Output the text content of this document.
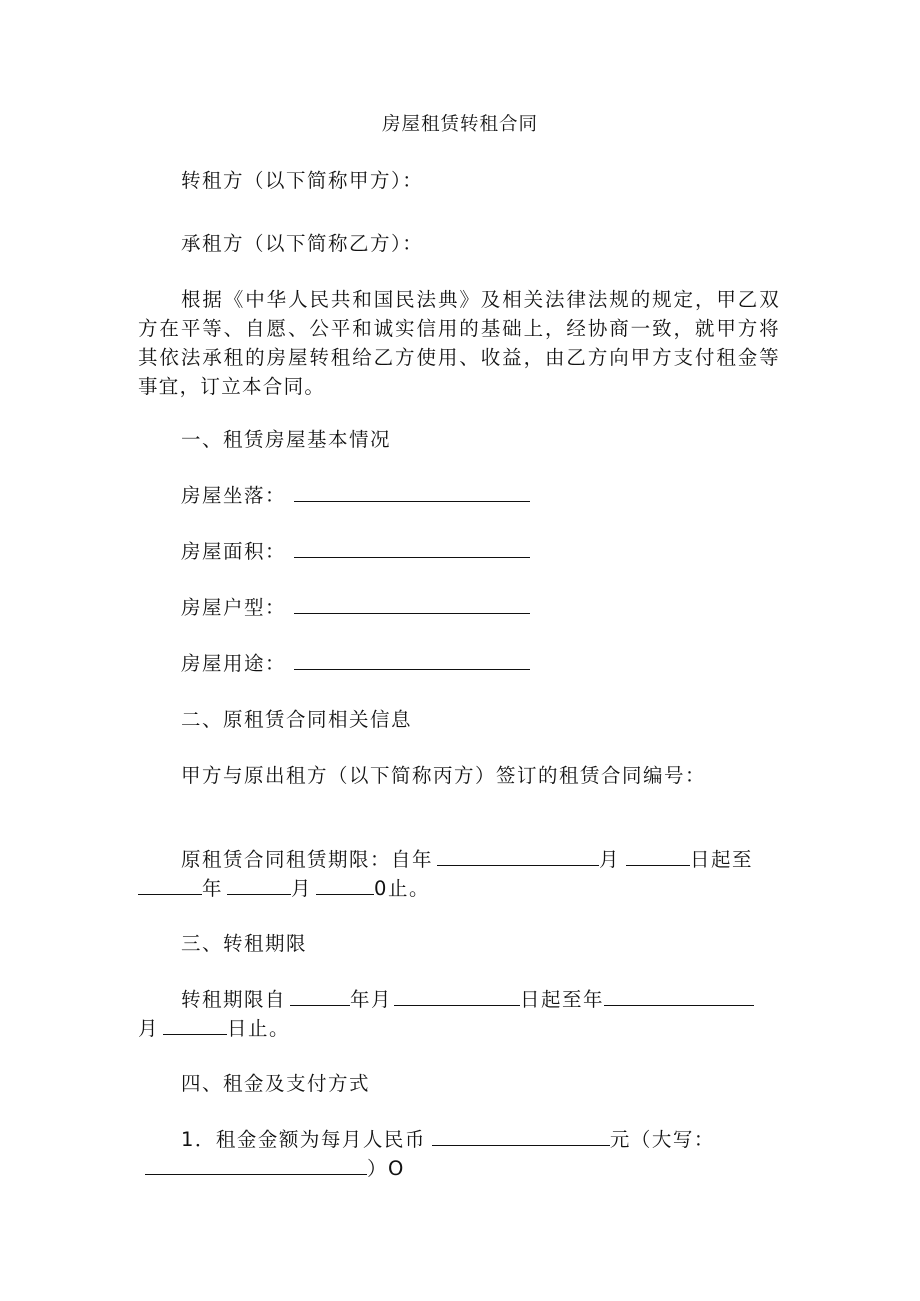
房屋租赁转租合同

转租方（以下简称甲方）：

承租方（以下简称乙方）：

根据《中华人民共和国民法典》及相关法律法规的规定，甲乙双方在平等、自愿、公平和诚实信用的基础上，经协商一致，就甲方将其依法承租的房屋转租给乙方使用、收益，由乙方向甲方支付租金等事宜，订立本合同。

一、租赁房屋基本情况

房屋坐落：

房屋面积：

房屋户型：

房屋用途：

二、原租赁合同相关信息

甲方与原出租方（以下简称丙方）签订的租赁合同编号：

原租赁合同租赁期限：自年	月	日起至

年	月	0止。

三、转租期限

转租期限自	年月	日起至年

月	日止。

四、租金及支付方式

1．租金金额为每月人民币	元（大写：

）O
